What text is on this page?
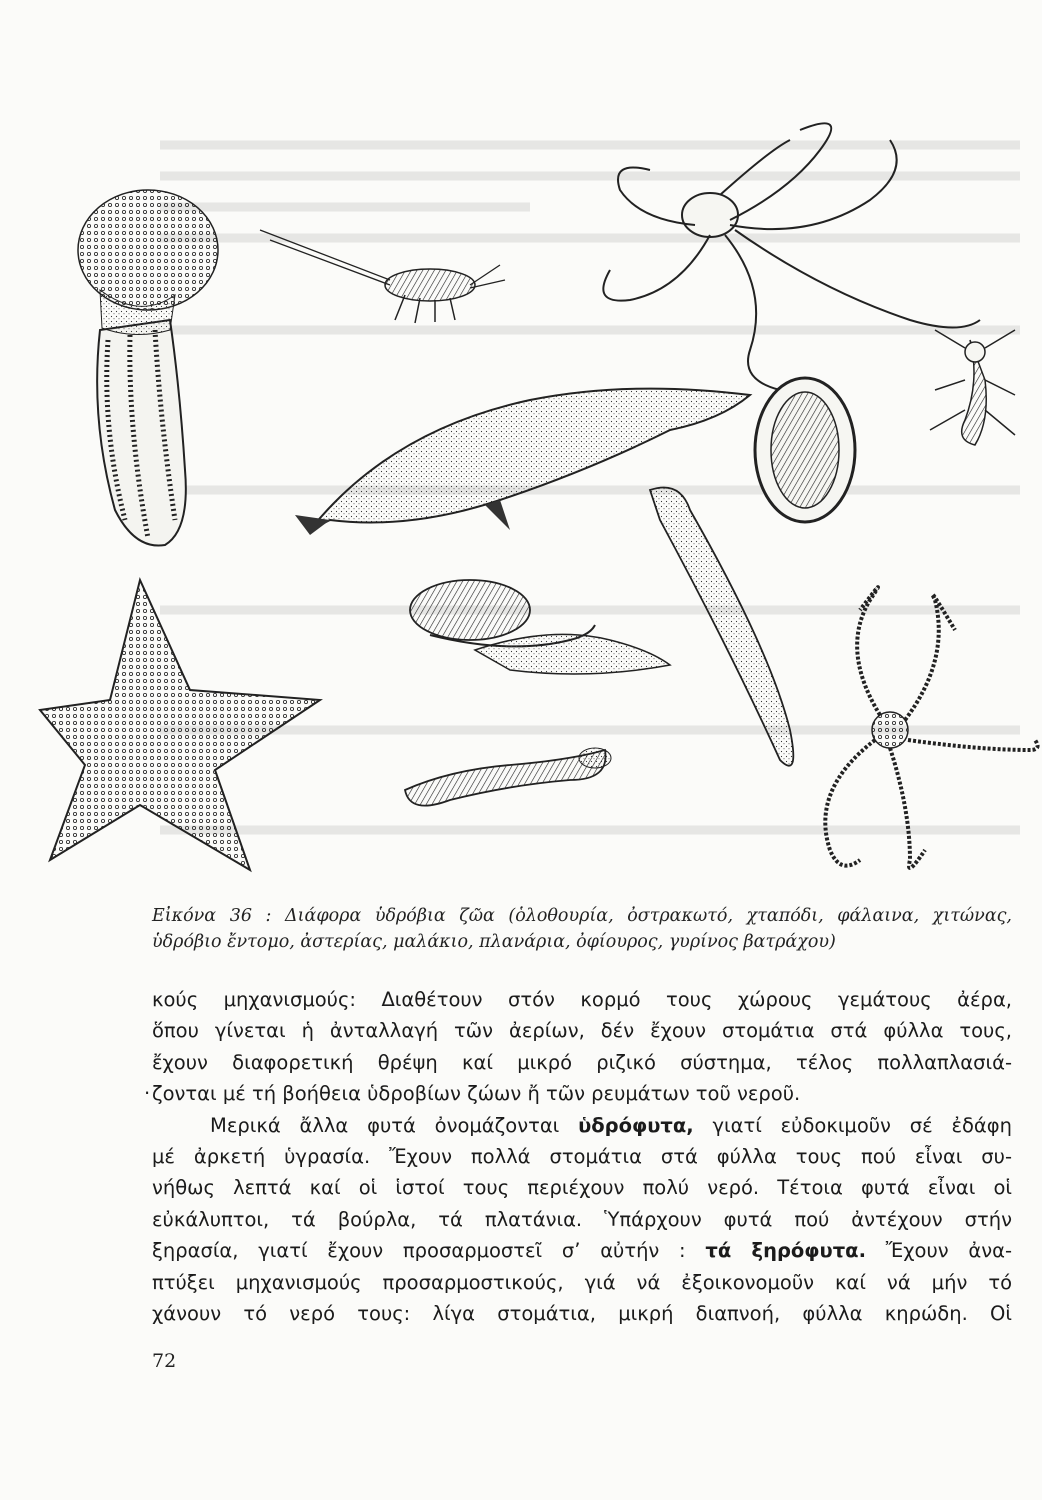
Εἰκόνα 36 : Διάφορα ὑδρόβια ζῶα (ὁλοθουρία, ὀστρακωτό, χταπόδι, φάλαινα, χιτώνας,
ὑδρόβιο ἔντομο, ἀστερίας, μαλάκιο, πλανάρια, ὀφίουρος, γυρίνος βατράχου)
κούς μηχανισμούς: Διαθέτουν στόν κορμό τους χώρους γεμάτους ἀέρα,
ὅπου γίνεται ἡ ἀνταλλαγή τῶν ἀερίων, δέν ἔχουν στομάτια στά φύλλα τους,
ἔχουν διαφορετική θρέψη καί μικρό ριζικό σύστημα, τέλος πολλαπλασιά-
. ζονται μέ τή βοήθεια ὑδροβίων ζώων ἤ τῶν ρευμάτων τοῦ νεροῦ.
Μερικά ἄλλα φυτά ὀνομάζονται ὑδρόφυτα, γιατί εὐδοκιμοῦν σέ ἐδάφη
μέ ἀρκετή ὑγρασία. Ἔχουν πολλά στομάτια στά φύλλα τους πού εἶναι συ-
νήθως λεπτά καί οἱ ἱστοί τους περιέχουν πολύ νερό. Τέτοια φυτά εἶναι οἱ
εὐκάλυπτοι, τά βούρλα, τά πλατάνια. Ὑπάρχουν φυτά πού ἀντέχουν στήν
ξηρασία, γιατί ἔχουν προσαρμοστεῖ σ’ αὐτήν : τά ξηρόφυτα. Ἔχουν ἀνα-
πτύξει μηχανισμούς προσαρμοστικούς, γιά νά ἐξοικονομοῦν καί νά μήν τό
χάνουν τό νερό τους: λίγα στομάτια, μικρή διαπνοή, φύλλα κηρώδη. Οἱ
72
